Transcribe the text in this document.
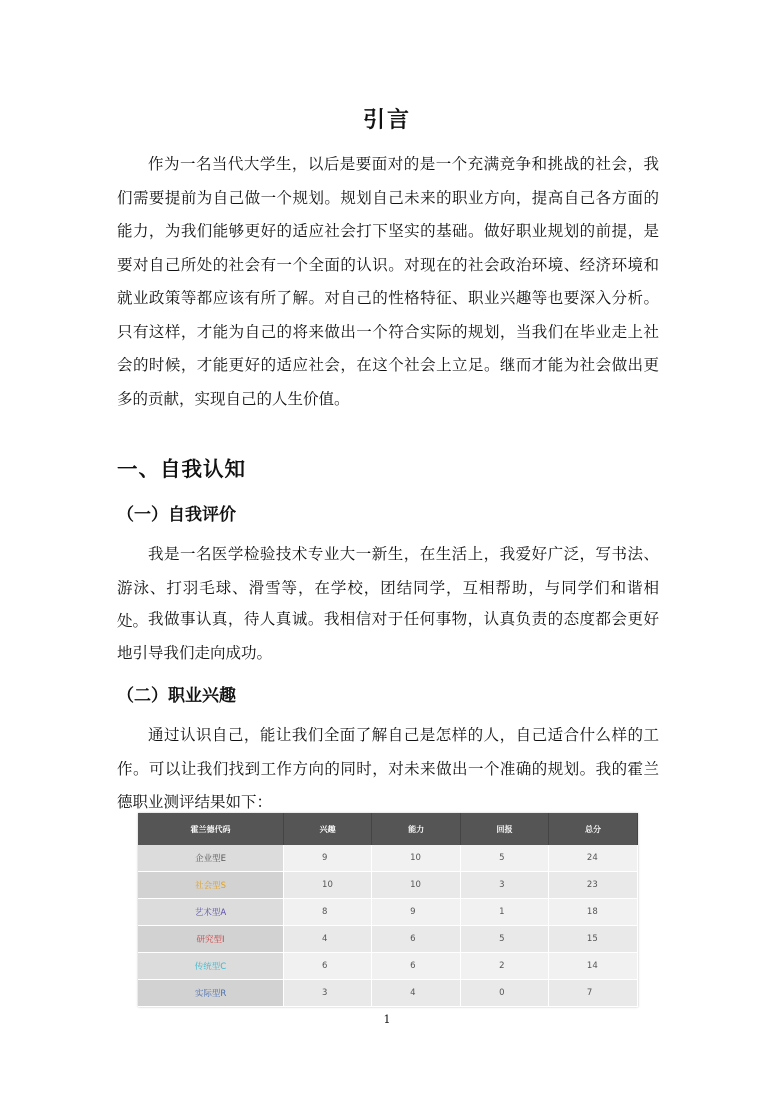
引言

作为一名当代大学生，以后是要面对的是一个充满竞争和挑战的社会，我们需要提前为自己做一个规划。规划自己未来的职业方向，提高自己各方面的能力，为我们能够更好的适应社会打下坚实的基础。做好职业规划的前提，是要对自己所处的社会有一个全面的认识。对现在的社会政治环境、经济环境和就业政策等都应该有所了解。对自己的性格特征、职业兴趣等也要深入分析。只有这样，才能为自己的将来做出一个符合实际的规划，当我们在毕业走上社会的时候，才能更好的适应社会，在这个社会上立足。继而才能为社会做出更多的贡献，实现自己的人生价值。

一、自我认知
（一）自我评价

我是一名医学检验技术专业大一新生，在生活上，我爱好广泛，写书法、游泳、打羽毛球、滑雪等，在学校，团结同学，互相帮助，与同学们和谐相处。 我做事认真，待人真诚。我相信对于任何事物，认真负责的态度都会更好地引导我们走向成功。

（二）职业兴趣

通过认识自己，能让我们全面了解自己是怎样的人，自己适合什么样的工作。可以让我们找到工作方向的同时，对未来做出一个准确的规划。我的霍兰德职业测评结果如下：

霍兰德代码	兴趣	能力	回报	总分
企业型E	9	10	5	24
社会型S	10	10	3	23
艺术型A	8	9	1	18
研究型I	4	6	5	15
传统型C	6	6	2	14
实际型R	3	4	0	7
1
